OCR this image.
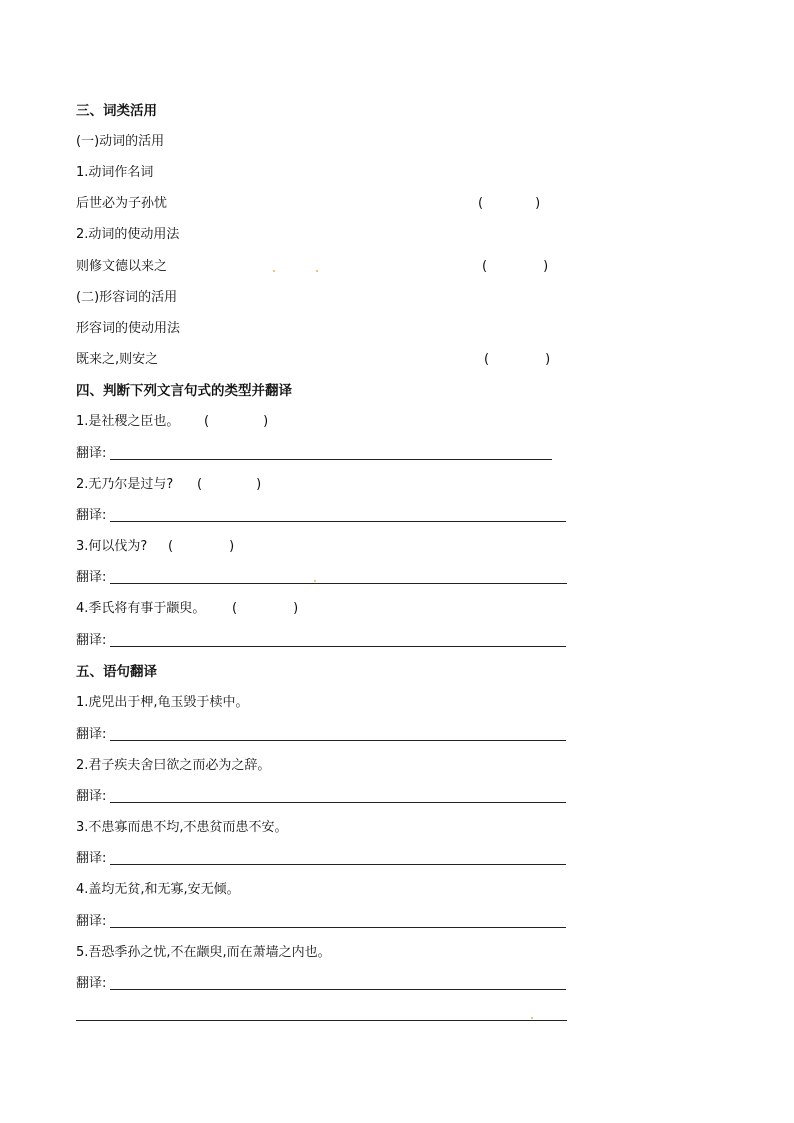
三、词类活用
(一)动词的活用
1.动词作名词
后世必为子孙忧	(	)
2.动词的使动用法
则修文德以来之	(	)
(二)形容词的活用
形容词的使动用法
既来之,则安之	(	)
四、判断下列文言句式的类型并翻译
1.是社稷之臣也。 (	)
翻译:
2.无乃尔是过与? (	)
翻译:
3.何以伐为? (	)
翻译:
4.季氏将有事于颛臾。 (	)
翻译:
五、语句翻译
1.虎兕出于柙,龟玉毁于椟中。
翻译:
2.君子疾夫舍曰欲之而必为之辞。
翻译:
3.不患寡而患不均,不患贫而患不安。
翻译:
4.盖均无贫,和无寡,安无倾。
翻译:
5.吾恐季孙之忧,不在颛臾,而在萧墙之内也。
翻译:
